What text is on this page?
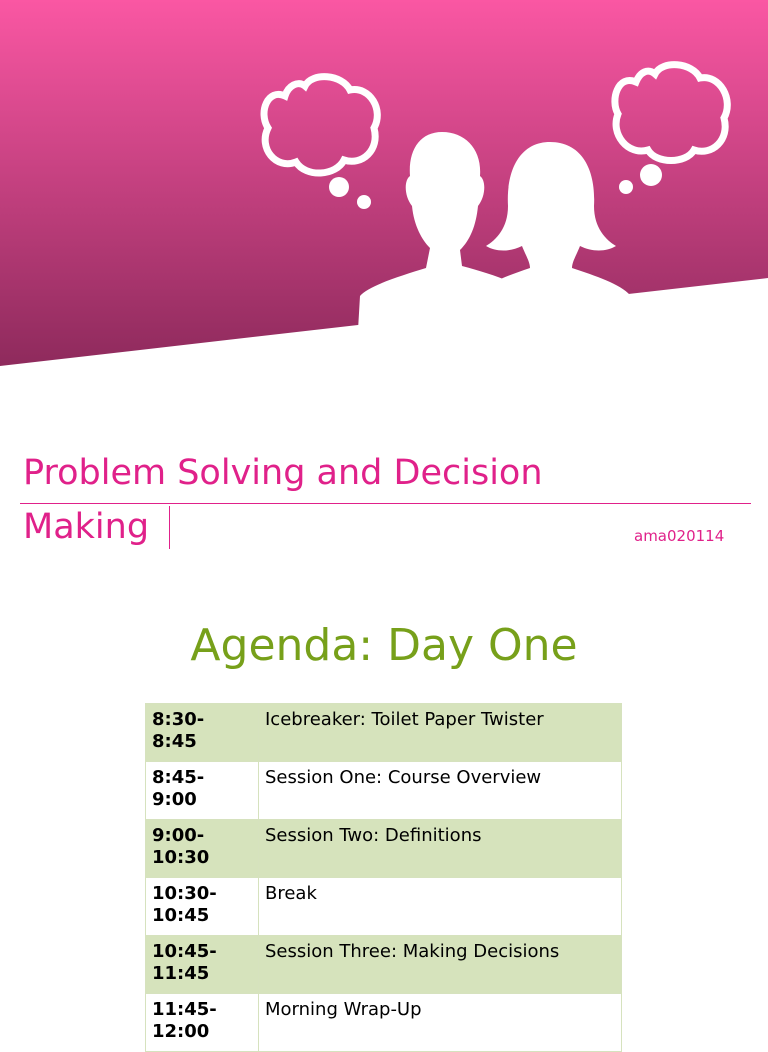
Problem Solving and Decision
Making	ama020114
Agenda: Day One
8:30-
8:45	Icebreaker: Toilet Paper Twister

8:45-
9:00	Session One: Course Overview

9:00-
10:30	Session Two: Definitions

10:30-
10:45	Break

10:45-
11:45	Session Three: Making Decisions

11:45-
12:00	Morning Wrap-Up
